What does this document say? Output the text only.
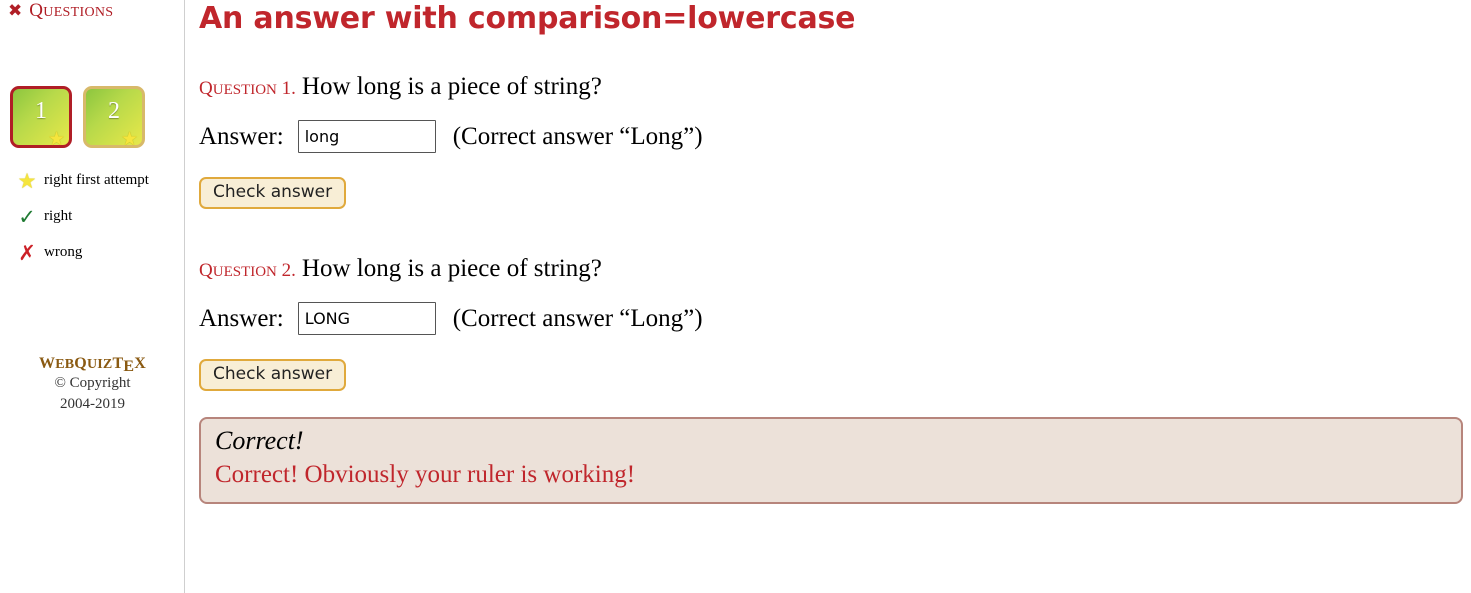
✖ QUESTIONS
1
★
2
★
★ right first attempt
✓ right
✗ wrong
WEBQUIZTEX
© Copyright
2004-2019
An answer with comparison=lowercase
QUESTION 1. How long is a piece of string?
Answer:
long	(Correct answer “Long”)
Check answer
QUESTION 2. How long is a piece of string?
Answer:
LONG	(Correct answer “Long”)
Check answer
Correct!
Correct! Obviously your ruler is working!
